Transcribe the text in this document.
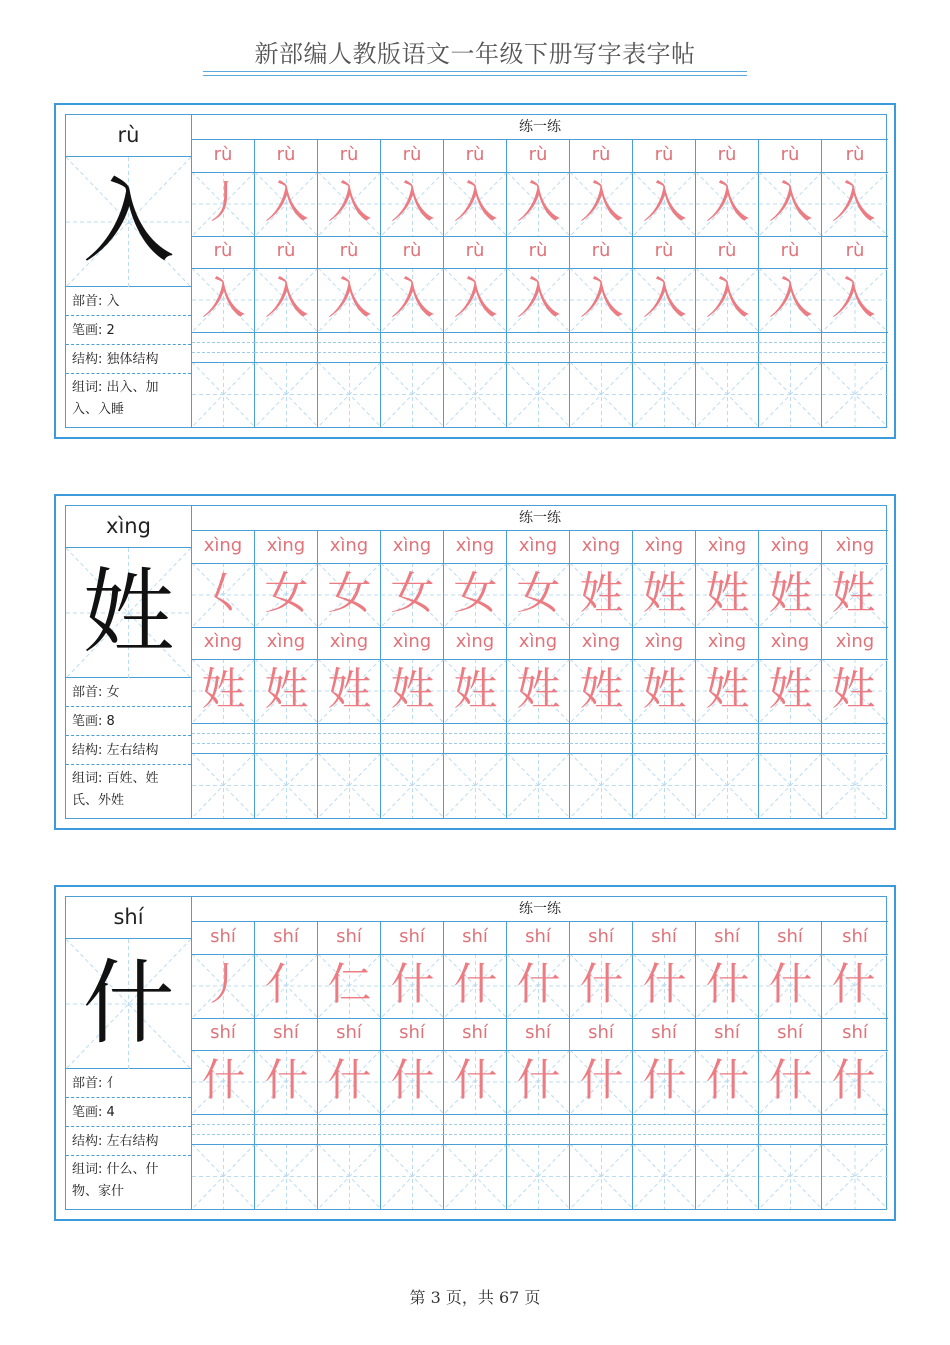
新部编人教版语文一年级下册写字表字帖
rù
入
部首: 入
笔画: 2
结构: 独体结构
组词: 出入、加
入、入睡
练一练
rù	rù	rù	rù	rù	rù	rù	rù	rù	rù	rù
丿 入 入 入 入 入 入 入 入 入 入
rù	rù	rù	rù	rù	rù	rù	rù	rù	rù	rù
入 入 入 入 入 入 入 入 入 入 入
xìng
姓
部首: 女
笔画: 8
结构: 左右结构
组词: 百姓、姓
氏、外姓
练一练
xìng	xìng	xìng	xìng	xìng	xìng	xìng	xìng	xìng	xìng	xìng
𡿨 女 女 女 女 女 姓 姓 姓 姓 姓
xìng	xìng	xìng	xìng	xìng	xìng	xìng	xìng	xìng	xìng	xìng
姓 姓 姓 姓 姓 姓 姓 姓 姓 姓 姓
shí
什
部首: 亻
笔画: 4
结构: 左右结构
组词: 什么、什
物、家什
练一练
shí	shí	shí	shí	shí	shí	shí	shí	shí	shí	shí
丿 亻 仁 什 什 什 什 什 什 什 什
shí	shí	shí	shí	shí	shí	shí	shí	shí	shí	shí
什 什 什 什 什 什 什 什 什 什 什
第 3 页，共 67 页
